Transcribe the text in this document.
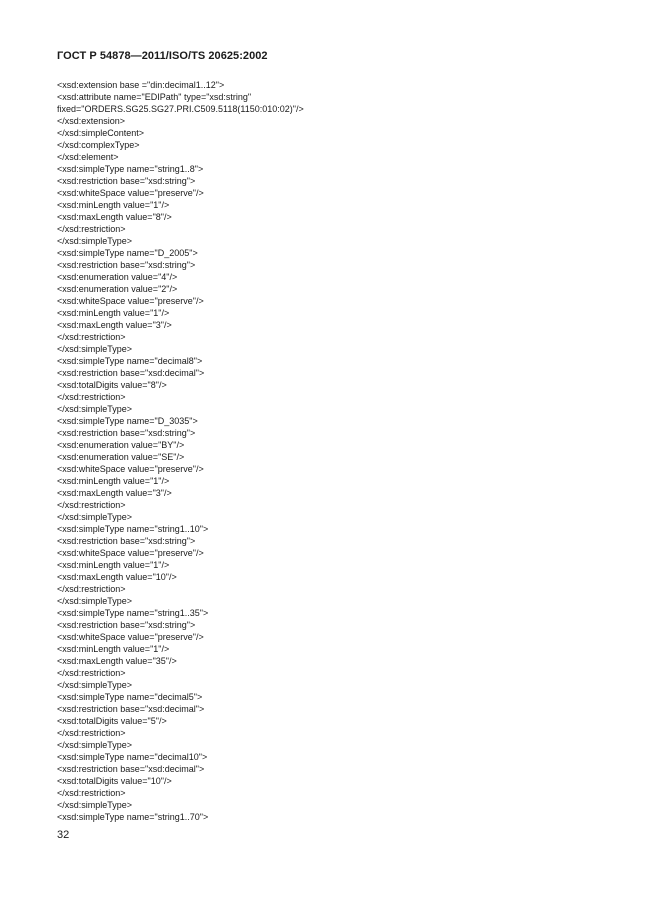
ГОСТ Р 54878—2011/ISO/TS 20625:2002
<xsd:extension base ="din:decimal1..12">
<xsd:attribute name="EDIPath" type="xsd:string"
fixed="ORDERS.SG25.SG27.PRI.C509.5118(1150:010:02)"/>
</xsd:extension>
</xsd:simpleContent>
</xsd:complexType>
</xsd:element>
<xsd:simpleType name="string1..8">
<xsd:restriction base="xsd:string">
<xsd:whiteSpace value="preserve"/>
<xsd:minLength value="1"/>
<xsd:maxLength value="8"/>
</xsd:restriction>
</xsd:simpleType>
<xsd:simpleType name="D_2005">
<xsd:restriction base="xsd:string">
<xsd:enumeration value="4"/>
<xsd:enumeration value="2"/>
<xsd:whiteSpace value="preserve"/>
<xsd:minLength value="1"/>
<xsd:maxLength value="3"/>
</xsd:restriction>
</xsd:simpleType>
<xsd:simpleType name="decimal8">
<xsd:restriction base="xsd:decimal">
<xsd:totalDigits value="8"/>
</xsd:restriction>
</xsd:simpleType>
<xsd:simpleType name="D_3035">
<xsd:restriction base="xsd:string">
<xsd:enumeration value="BY"/>
<xsd:enumeration value="SE"/>
<xsd:whiteSpace value="preserve"/>
<xsd:minLength value="1"/>
<xsd:maxLength value="3"/>
</xsd:restriction>
</xsd:simpleType>
<xsd:simpleType name="string1..10">
<xsd:restriction base="xsd:string">
<xsd:whiteSpace value="preserve"/>
<xsd:minLength value="1"/>
<xsd:maxLength value="10"/>
</xsd:restriction>
</xsd:simpleType>
<xsd:simpleType name="string1..35">
<xsd:restriction base="xsd:string">
<xsd:whiteSpace value="preserve"/>
<xsd:minLength value="1"/>
<xsd:maxLength value="35"/>
</xsd:restriction>
</xsd:simpleType>
<xsd:simpleType name="decimal5">
<xsd:restriction base="xsd:decimal">
<xsd:totalDigits value="5"/>
</xsd:restriction>
</xsd:simpleType>
<xsd:simpleType name="decimal10">
<xsd:restriction base="xsd:decimal">
<xsd:totalDigits value="10"/>
</xsd:restriction>
</xsd:simpleType>
<xsd:simpleType name="string1..70">
32
